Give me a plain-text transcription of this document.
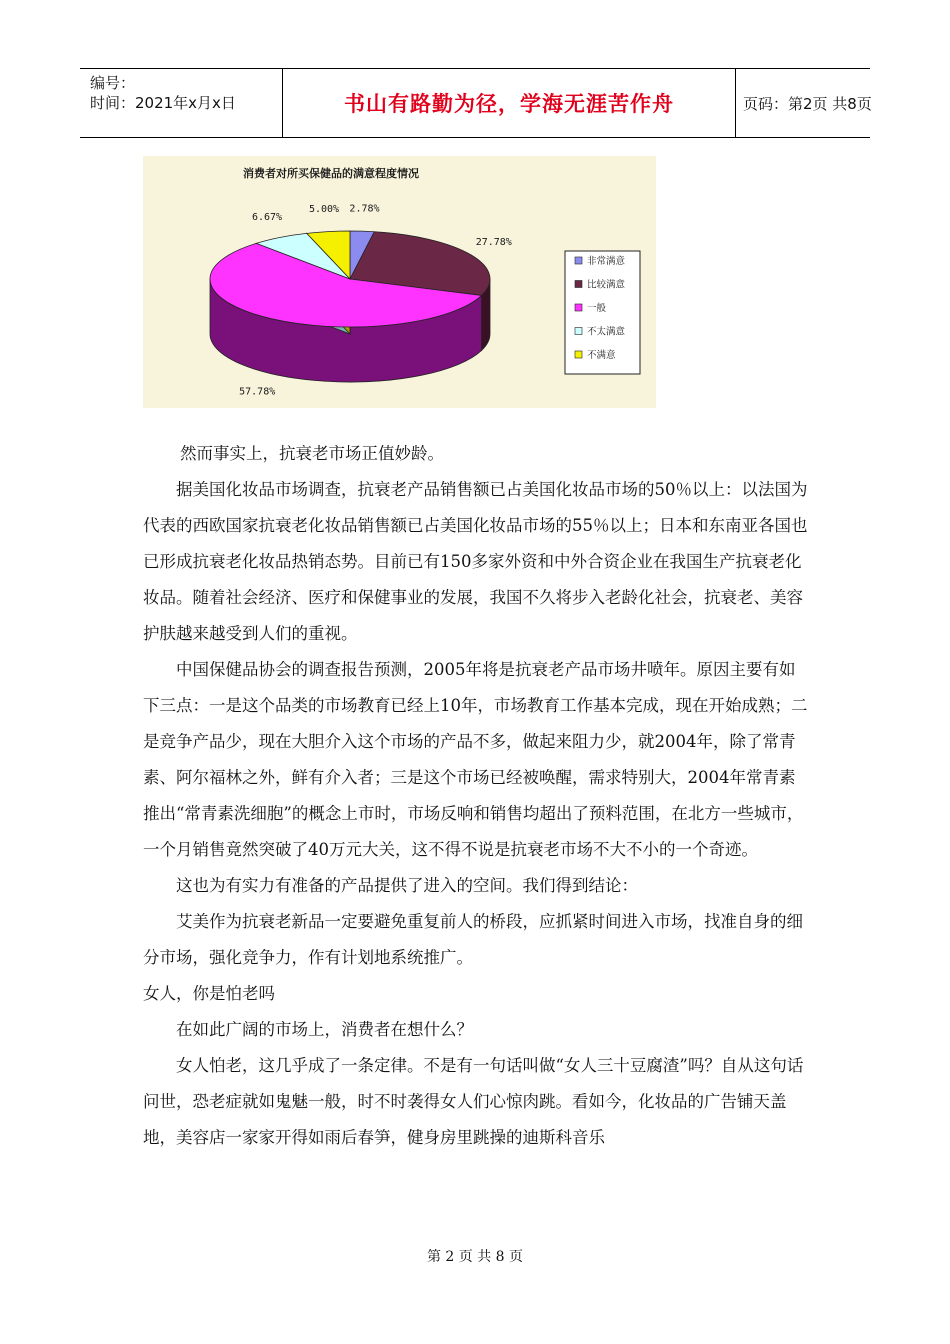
编号：
时间：2021年x月x日	书山有路勤为径，学海无涯苦作舟	页码：第2页 共8页
消费者对所买保健品的满意程度情况
2.78%
27.78%
57.78%
6.67%
5.00%
非常满意
比较满意
一般
不太满意
不满意

然而事实上，抗衰老市场正值妙龄。

据美国化妆品市场调查，抗衰老产品销售额已占美国化妆品市场的50％以上：以法国为代表的西欧国家抗衰老化妆品销售额已占美国化妆品市场的55％以上；日本和东南亚各国也已形成抗衰老化妆品热销态势。目前已有150多家外资和中外合资企业在我国生产抗衰老化妆品。随着社会经济、医疗和保健事业的发展，我国不久将步入老龄化社会，抗衰老、美容护肤越来越受到人们的重视。

中国保健品协会的调查报告预测，2005年将是抗衰老产品市场井喷年。原因主要有如下三点：一是这个品类的市场教育已经上10年，市场教育工作基本完成，现在开始成熟；二是竞争产品少，现在大胆介入这个市场的产品不多，做起来阻力少，就2004年，除了常青素、阿尔福林之外，鲜有介入者；三是这个市场已经被唤醒，需求特别大，2004年常青素推出“常青素洗细胞”的概念上市时，市场反响和销售均超出了预料范围，在北方一些城市，一个月销售竟然突破了40万元大关，这不得不说是抗衰老市场不大不小的一个奇迹。

这也为有实力有准备的产品提供了进入的空间。我们得到结论：

艾美作为抗衰老新品一定要避免重复前人的桥段，应抓紧时间进入市场，找准自身的细分市场，强化竞争力，作有计划地系统推广。

女人，你是怕老吗

在如此广阔的市场上，消费者在想什么？

女人怕老，这几乎成了一条定律。不是有一句话叫做“女人三十豆腐渣”吗？自从这句话问世，恐老症就如鬼魅一般，时不时袭得女人们心惊肉跳。看如今，化妆品的广告铺天盖地，美容店一家家开得如雨后春笋，健身房里跳操的迪斯科音乐

第 2 页 共 8 页
